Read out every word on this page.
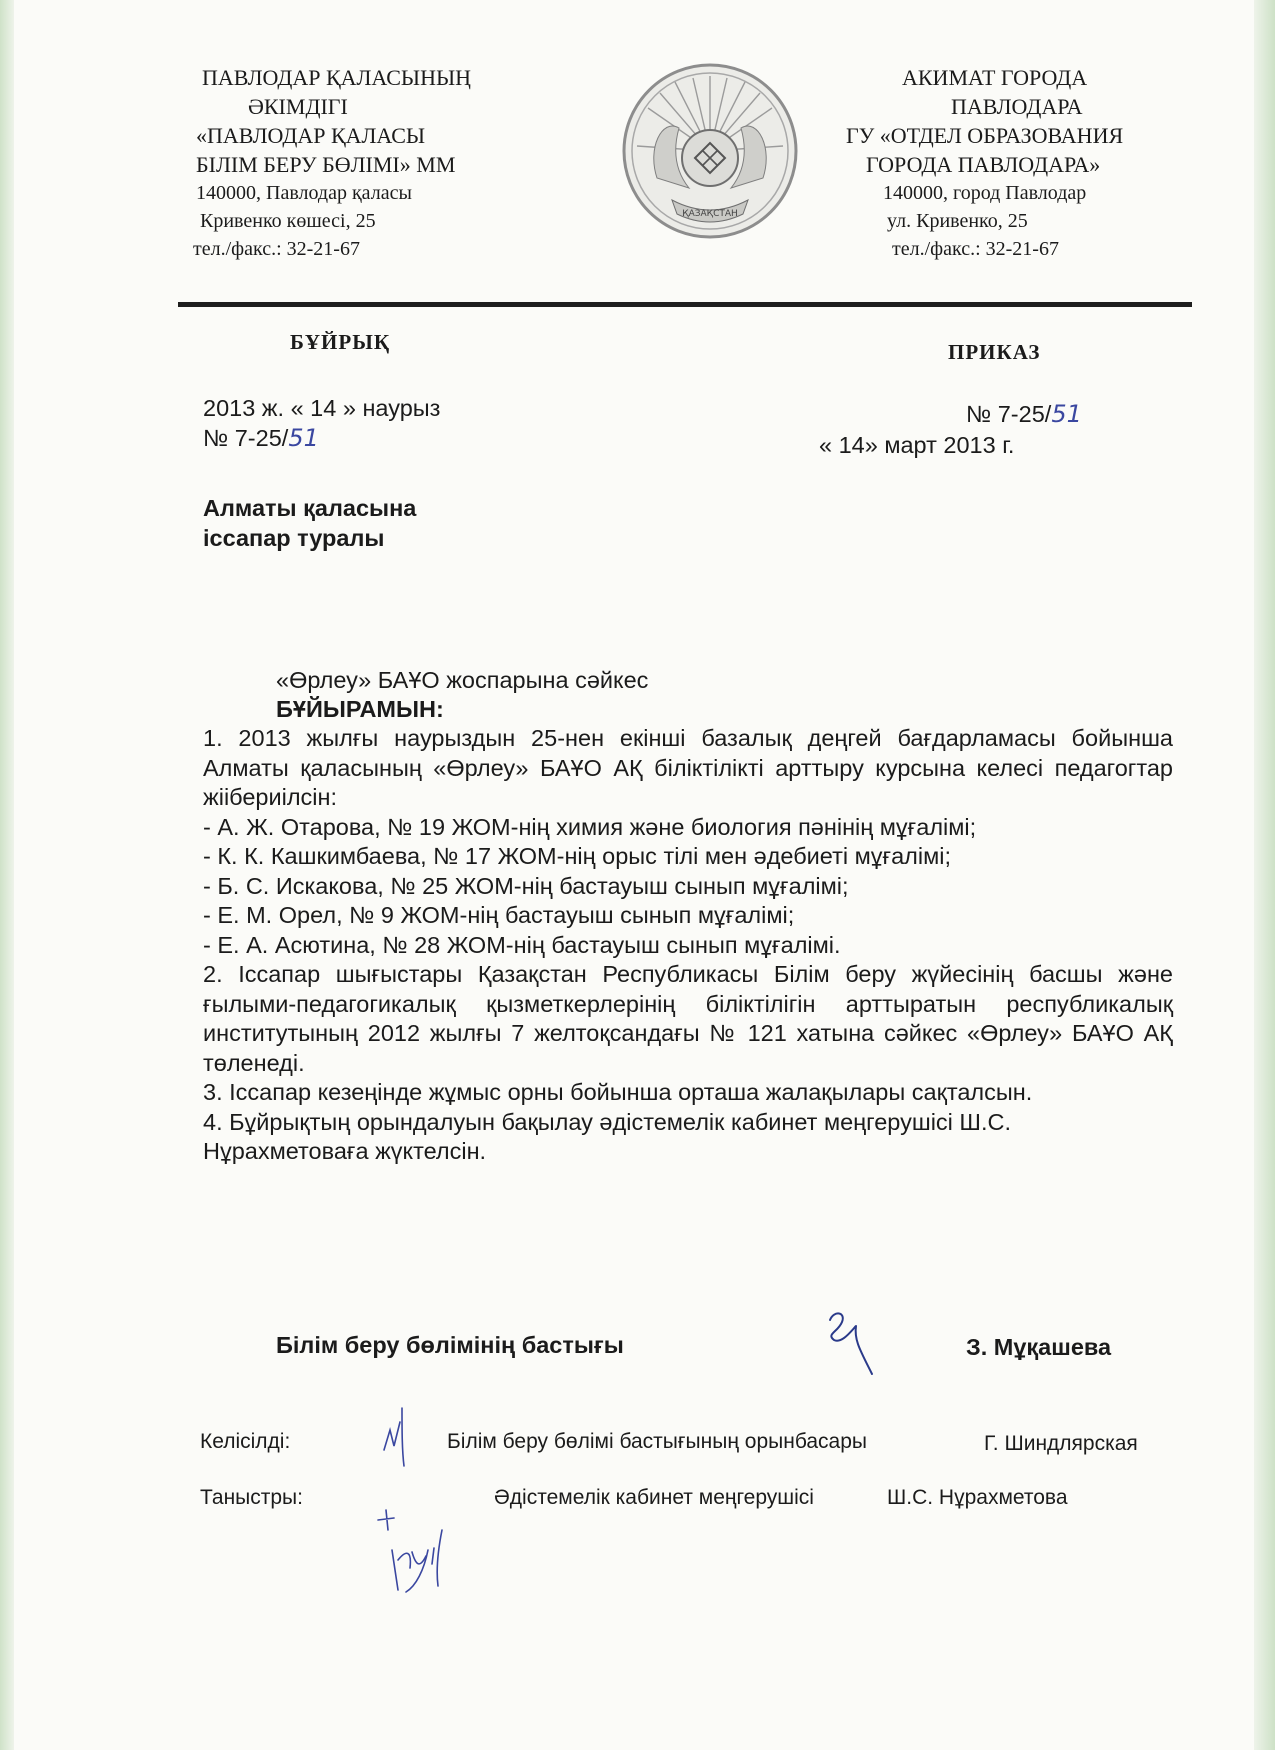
ПАВЛОДАР ҚАЛАСЫНЫҢ
ӘКІМДІГІ
«ПАВЛОДАР ҚАЛАСЫ
БІЛІМ БЕРУ БӨЛІМІ» ММ
140000, Павлодар қаласы
Кривенко көшесі, 25
тел./факс.: 32-21-67
ҚАЗАҚСТАН
АКИМАТ ГОРОДА
ПАВЛОДАРА
ГУ «ОТДЕЛ ОБРАЗОВАНИЯ
ГОРОДА ПАВЛОДАРА»
140000, город Павлодар
ул. Кривенко, 25
тел./факс.: 32-21-67
БҰЙРЫҚ	ПРИКАЗ
2013 ж. « 14 » наурыз
№ 7-25/51
№ 7-25/51
« 14» март 2013 г.
Алматы қаласына
іссапар туралы
«Өрлеу» БАҰО жоспарына сәйкес
БҰЙЫРАМЫН:

1. 2013 жылғы наурыздын 25-нен екінші базалық деңгей бағдарламасы бойынша Алматы қаласының «Өрлеу» БАҰО АҚ біліктілікті арттыру курсына келесі педагогтар жіібериілсін:

- А. Ж. Отарова, № 19 ЖОМ-нің химия және биология пәнінің мұғалімі;

- К. К. Кашкимбаева, № 17 ЖОМ-нің орыс тілі мен әдебиеті мұғалімі;

- Б. С. Искакова, № 25 ЖОМ-нің бастауыш сынып мұғалімі;

- Е. М. Орел, № 9 ЖОМ-нің бастауыш сынып мұғалімі;

- Е. А. Асютина, № 28 ЖОМ-нің бастауыш сынып мұғалімі.

2. Іссапар шығыстары Қазақстан Республикасы Білім беру жүйесінің басшы және ғылыми-педагогикалық қызметкерлерінің біліктілігін арттыратын республикалық институтының 2012 жылғы 7 желтоқсандағы № 121 хатына сәйкес «Өрлеу» БАҰО АҚ төленеді.

3. Іссапар кезеңінде жұмыс орны бойынша орташа жалақылары сақталсын.

4. Бұйрықтың орындалуын бақылау әдістемелік кабинет меңгерушісі Ш.С. Нұрахметоваға жүктелсін.

Білім беру бөлімінің бастығы	З. Мұқашева
Келісілді:	Білім беру бөлімі бастығының орынбасары	Г. Шиндлярская
Таныстры:	Әдістемелік кабинет меңгерушісі	Ш.С. Нұрахметова
